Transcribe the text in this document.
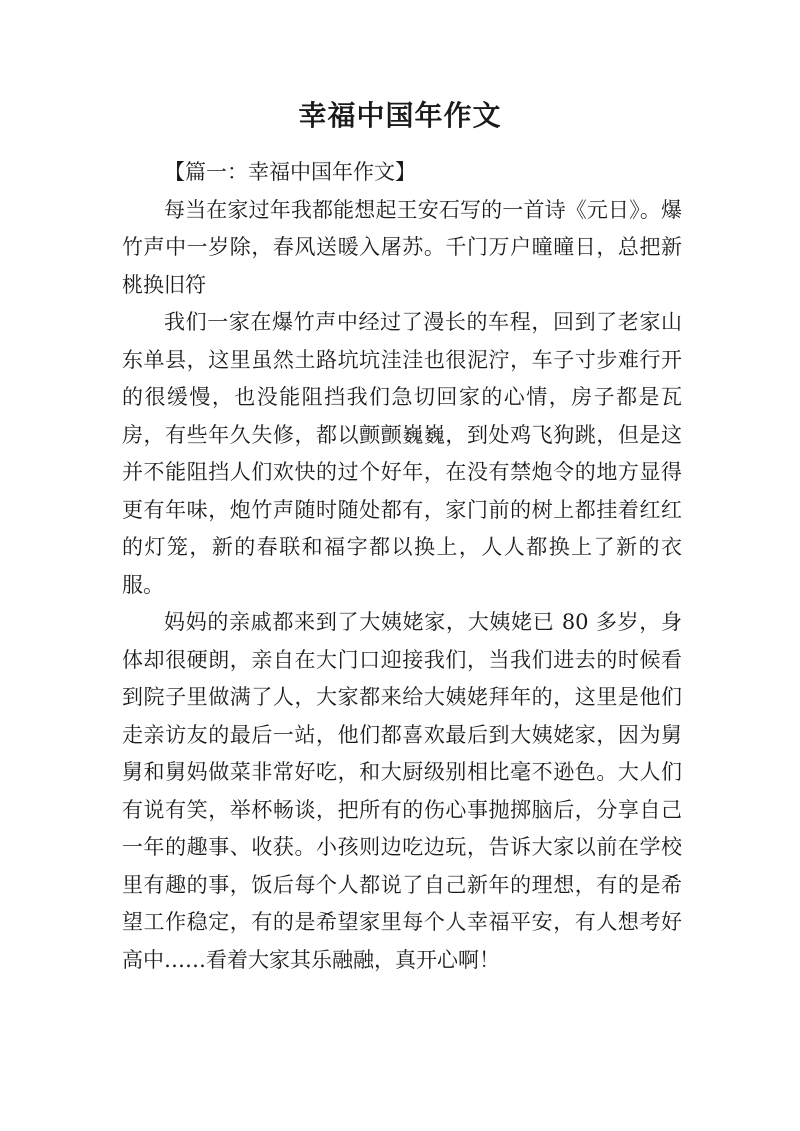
幸福中国年作文

【篇一：幸福中国年作文】

每当在家过年我都能想起王安石写的一首诗《元日》。爆竹声中一岁除，春风送暖入屠苏。千门万户曈曈日，总把新桃换旧符

我们一家在爆竹声中经过了漫长的车程，回到了老家山东单县，这里虽然土路坑坑洼洼也很泥泞，车子寸步难行开的很缓慢，也没能阻挡我们急切回家的心情，房子都是瓦房，有些年久失修，都以颤颤巍巍，到处鸡飞狗跳，但是这并不能阻挡人们欢快的过个好年，在没有禁炮令的地方显得更有年味，炮竹声随时随处都有，家门前的树上都挂着红红的灯笼，新的春联和福字都以换上，人人都换上了新的衣服。

妈妈的亲戚都来到了大姨姥家，大姨姥已 80 多岁，身体却很硬朗，亲自在大门口迎接我们，当我们进去的时候看到院子里做满了人，大家都来给大姨姥拜年的，这里是他们走亲访友的最后一站，他们都喜欢最后到大姨姥家，因为舅舅和舅妈做菜非常好吃，和大厨级别相比毫不逊色。大人们有说有笑，举杯畅谈，把所有的伤心事抛掷脑后，分享自己一年的趣事、收获。小孩则边吃边玩，告诉大家以前在学校里有趣的事，饭后每个人都说了自己新年的理想，有的是希望工作稳定，有的是希望家里每个人幸福平安，有人想考好高中……看着大家其乐融融，真开心啊！
